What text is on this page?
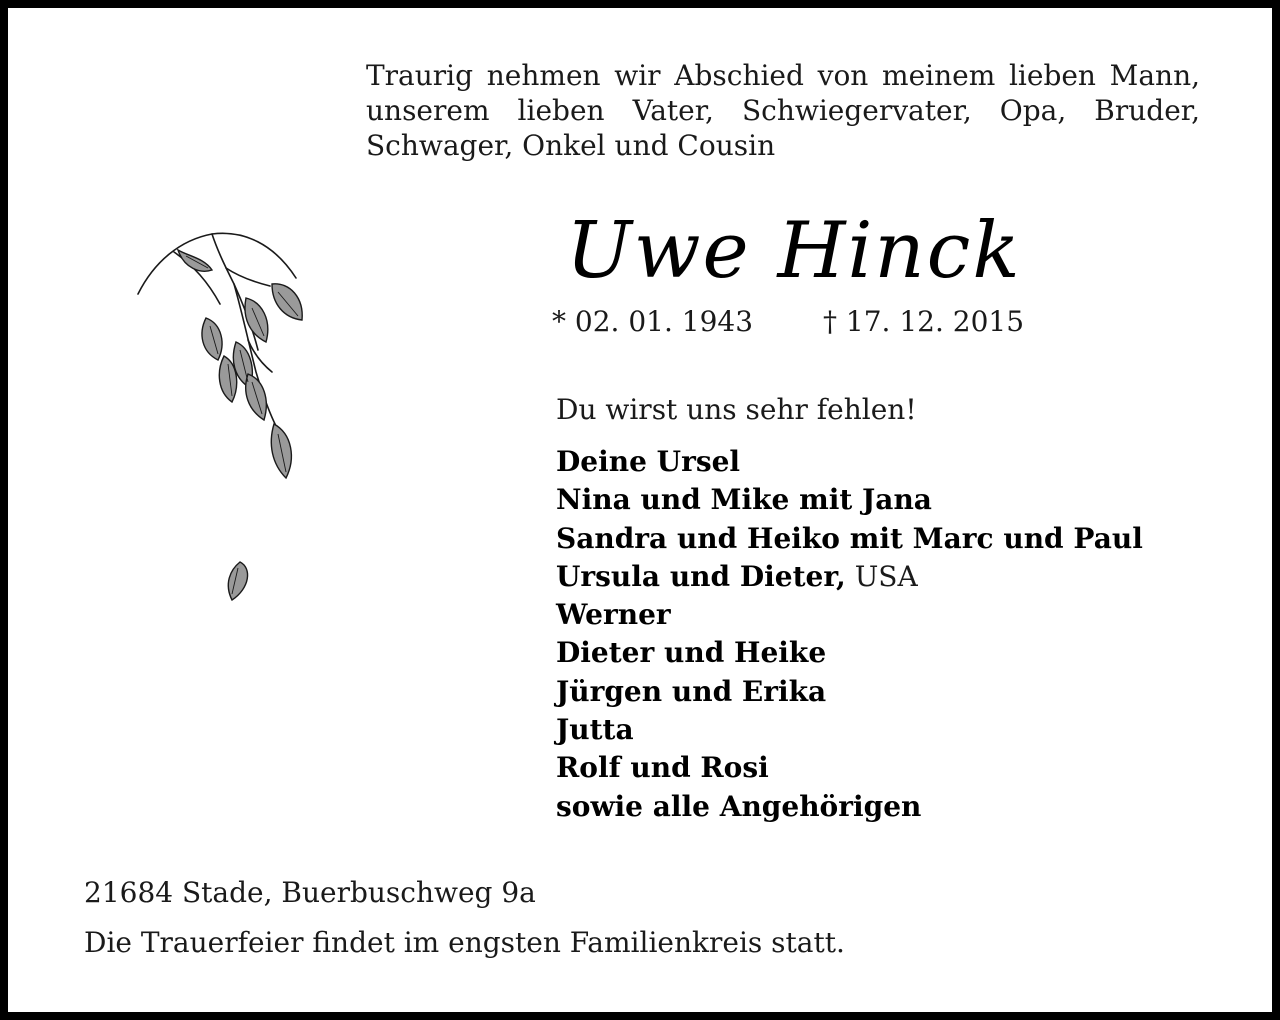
Traurig nehmen wir Abschied von meinem lieben Mann,
unserem lieben Vater, Schwiegervater, Opa, Bruder,
Schwager, Onkel und Cousin
Uwe Hinck
* 02. 01. 1943	† 17. 12. 2015
Du wirst uns sehr fehlen!
Deine Ursel
Nina und Mike mit Jana
Sandra und Heiko mit Marc und Paul
Ursula und Dieter, USA
Werner
Dieter und Heike
Jürgen und Erika
Jutta
Rolf und Rosi
sowie alle Angehörigen
21684 Stade, Buerbuschweg 9a
Die Trauerfeier findet im engsten Familienkreis statt.
